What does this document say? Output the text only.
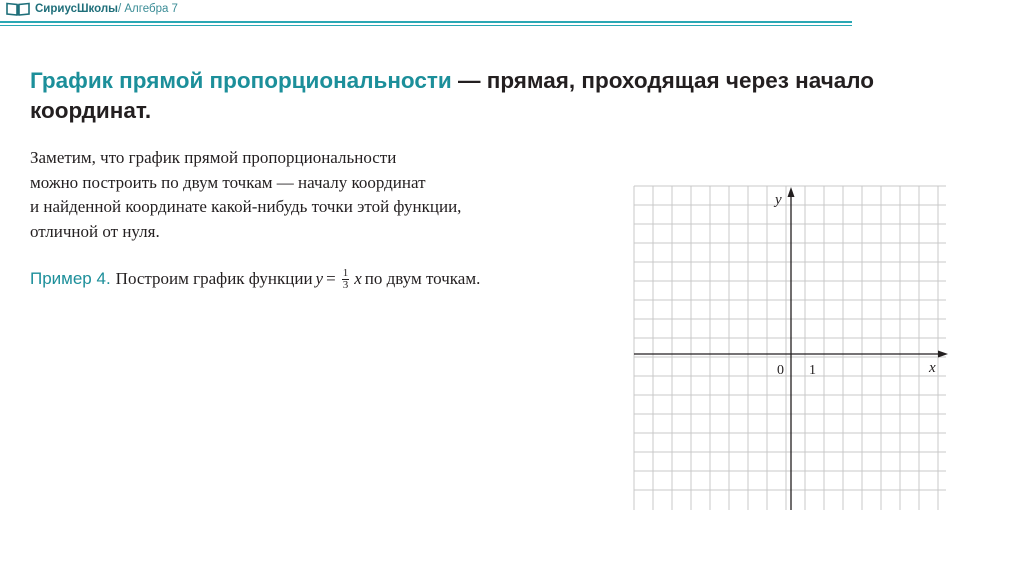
СириусШколы/ Алгебра 7
График прямой пропорциональности — прямая, проходящая через начало координат.
Заметим, что график прямой пропорциональности
можно построить по двум точкам — началу координат
и найденной координате какой-нибудь точки этой функции,
отличной от нуля.
Пример 4. Построим график функции $y = \frac{1}{3}$ x по двум точкам.
y
x
0 1
